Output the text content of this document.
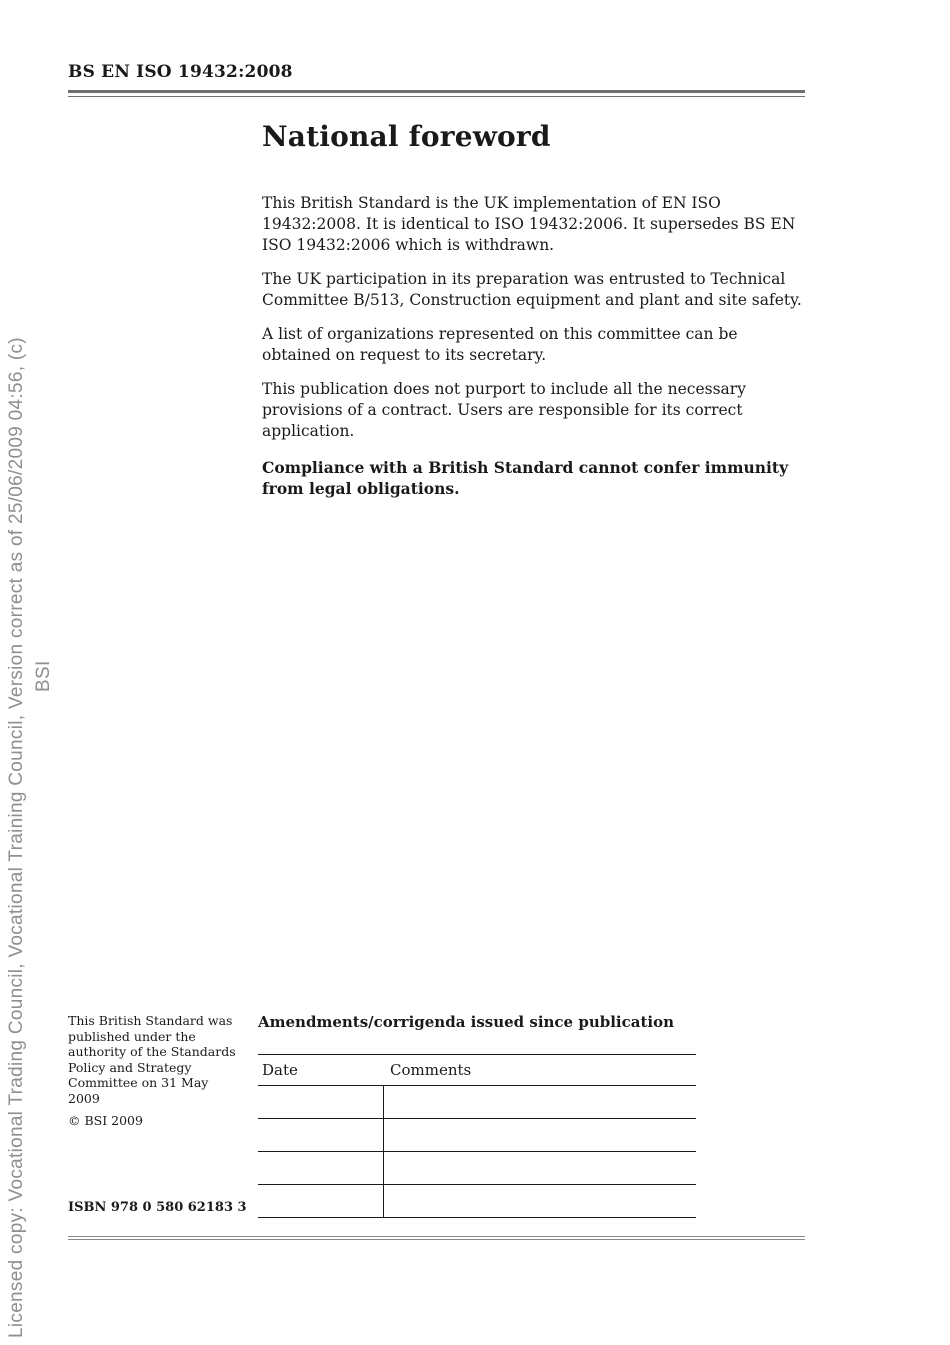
Licensed copy: Vocational Trading Council, Vocational Training Council, Version correct as of 25/06/2009 04:56, (c) BSI
BS EN ISO 19432:2008
National foreword

This British Standard is the UK implementation of EN ISO 19432:2008. It is identical to ISO 19432:2006. It supersedes BS EN ISO 19432:2006 which is withdrawn.

The UK participation in its preparation was entrusted to Technical Committee B/513, Construction equipment and plant and site safety.

A list of organizations represented on this committee can be obtained on request to its secretary.

This publication does not purport to include all the necessary provisions of a contract. Users are responsible for its correct application.

Compliance with a British Standard cannot confer immunity from legal obligations.

This British Standard was published under the authority of the Standards Policy and Strategy Committee on 31 May 2009
© BSI 2009
ISBN 978 0 580 62183 3
Amendments/corrigenda issued since publication
Date	Comments
